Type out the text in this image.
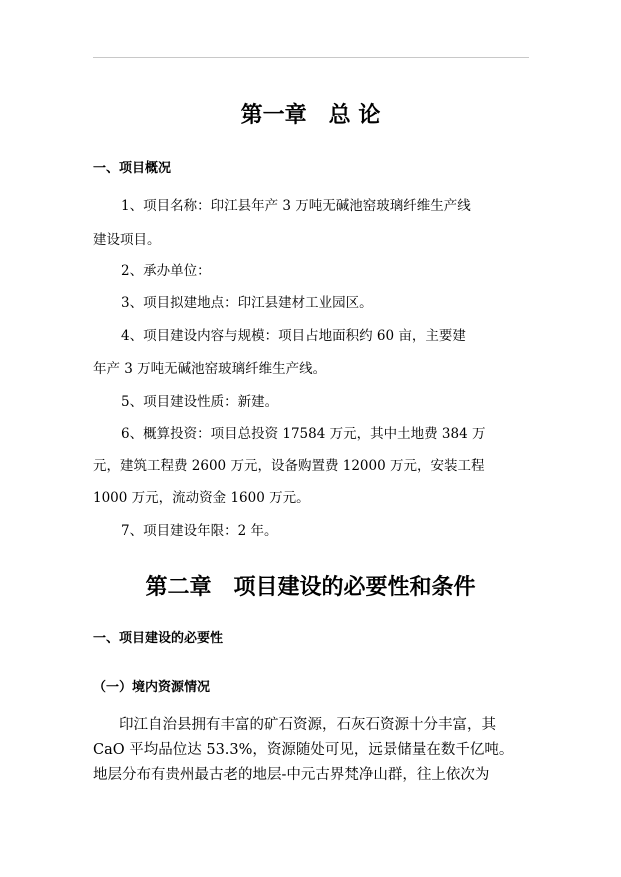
第一章　总 论
一、项目概况
1、项目名称：印江县年产 3 万吨无碱池窑玻璃纤维生产线
建设项目。
2、承办单位：
3、项目拟建地点：印江县建材工业园区。
4、项目建设内容与规模：项目占地面积约 60 亩，主要建
年产 3 万吨无碱池窑玻璃纤维生产线。
5、项目建设性质：新建。
6、概算投资：项目总投资 17584 万元，其中土地费 384 万
元，建筑工程费 2600 万元，设备购置费 12000 万元，安装工程
1000 万元，流动资金 1600 万元。
7、项目建设年限：2 年。
第二章　项目建设的必要性和条件
一、项目建设的必要性
（一）境内资源情况
印江自治县拥有丰富的矿石资源，石灰石资源十分丰富，其
CaO 平均品位达 53.3%，资源随处可见，远景储量在数千亿吨。
地层分布有贵州最古老的地层-中元古界梵净山群，往上依次为
